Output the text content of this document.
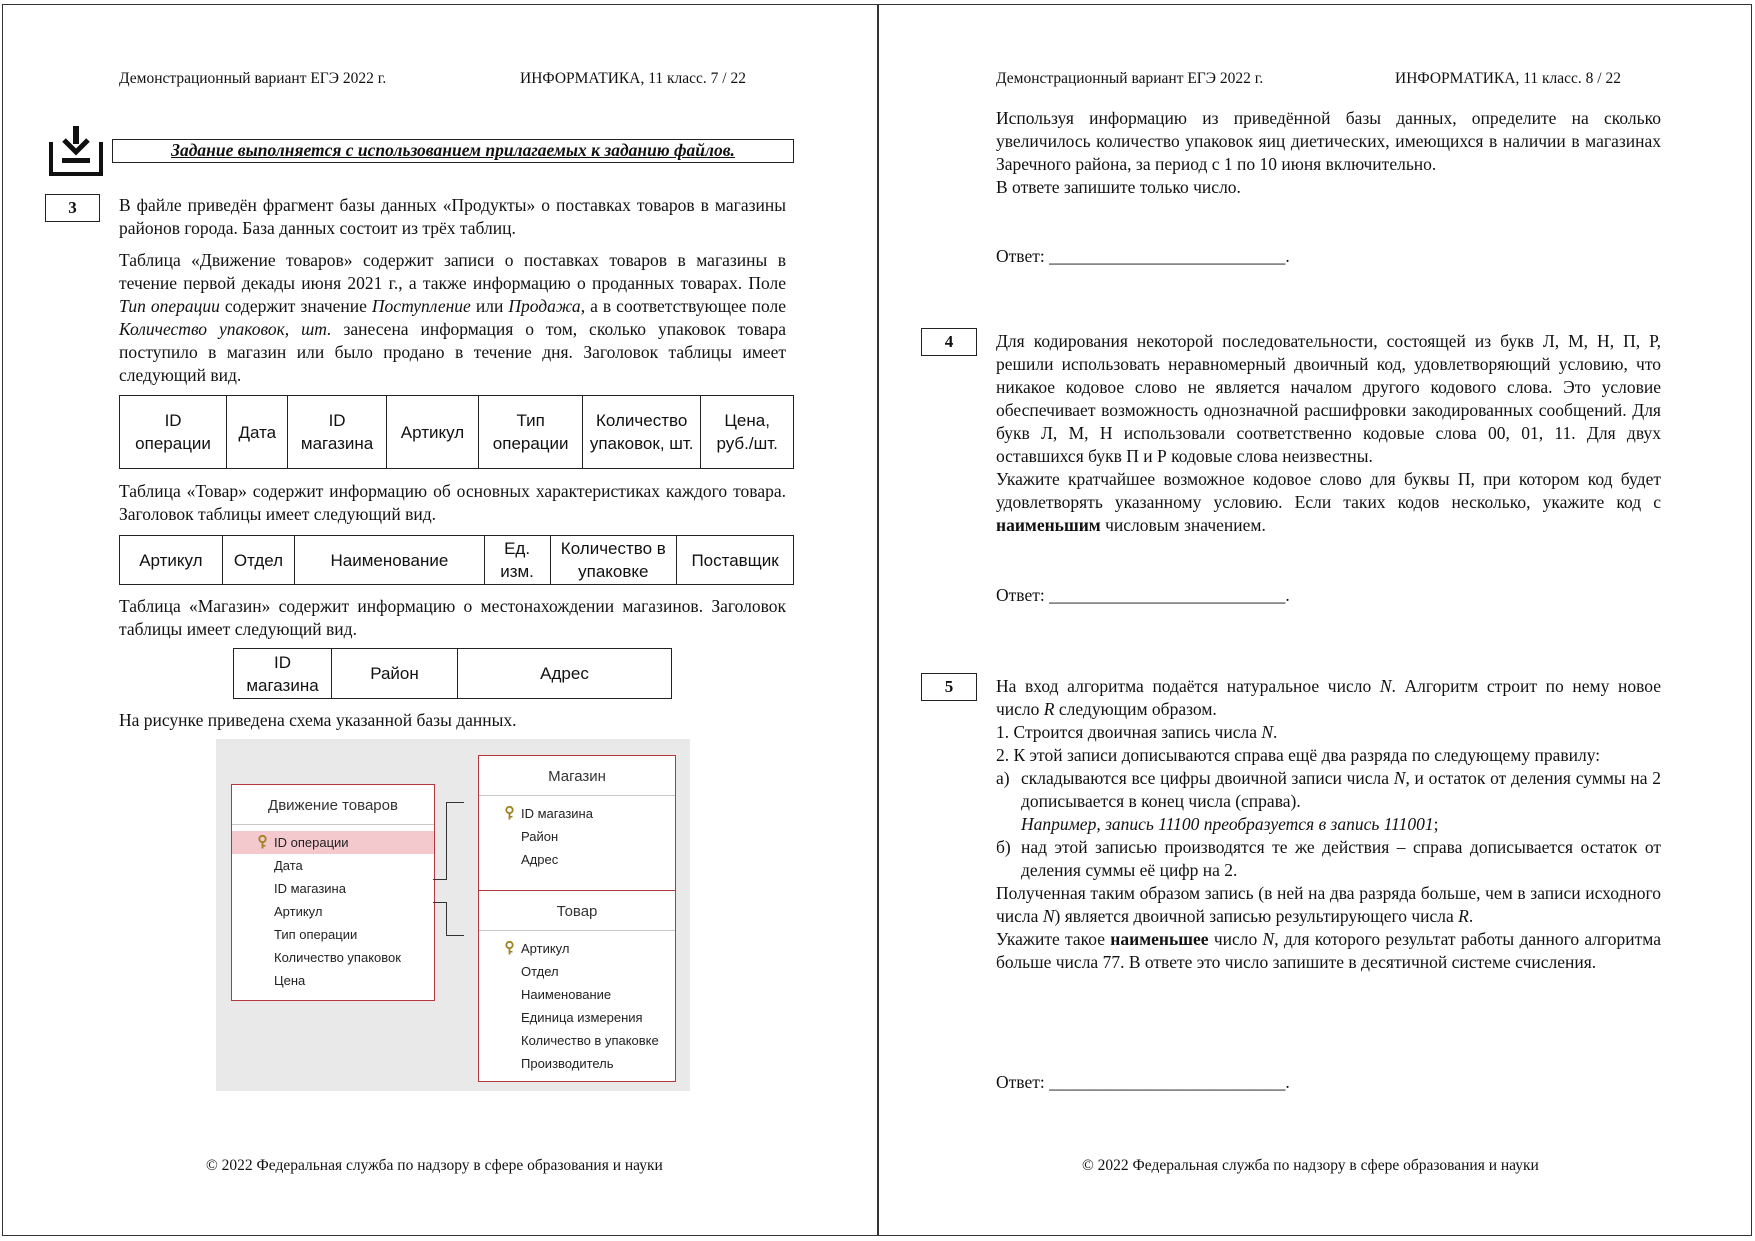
Демонстрационный вариант ЕГЭ 2022 г.	ИНФОРМАТИКА, 11 класс. 7 / 22
Задание выполняется с использованием прилагаемых к заданию файлов.
3	В файле приведён фрагмент базы данных «Продукты» о поставках товаров в магазины районов города. База данных состоит из трёх таблиц.

Таблица «Движение товаров» содержит записи о поставках товаров в магазины в течение первой декады июня 2021 г., а также информацию о проданных товарах. Поле Тип операции содержит значение Поступление или Продажа, а в соответствующее поле Количество упаковок, шт. занесена информация о том, сколько упаковок товара поступило в магазин или было продано в течение дня. Заголовок таблицы имеет следующий вид.

ID операции	Дата	ID магазина	Артикул	Тип операции	Количество упаковок, шт.	Цена, руб./шт.
Таблица «Товар» содержит информацию об основных характеристиках каждого товара. Заголовок таблицы имеет следующий вид.
Артикул	Отдел	Наименование	Ед. изм.	Количество в упаковке	Поставщик
Таблица «Магазин» содержит информацию о местонахождении магазинов. Заголовок таблицы имеет следующий вид.
ID магазина	Район	Адрес
На рисунке приведена схема указанной базы данных.
Движение товаров
ID операции
Дата
ID магазина
Артикул
Тип операции
Количество упаковок
Цена
Магазин
ID магазина
Район
Адрес
Товар
Артикул
Отдел
Наименование
Единица измерения
Количество в упаковке
Производитель
© 2022 Федеральная служба по надзору в сфере образования и науки
Демонстрационный вариант ЕГЭ 2022 г.	ИНФОРМАТИКА, 11 класс. 8 / 22

Используя информацию из приведённой базы данных, определите на сколько увеличилось количество упаковок яиц диетических, имеющихся в наличии в магазинах Заречного района, за период с 1 по 10 июня включительно.

В ответе запишите только число.

Ответ: ___________________________.
4	Для кодирования некоторой последовательности, состоящей из букв Л, М, Н, П, Р, решили использовать неравномерный двоичный код, удовлетворяющий условию, что никакое кодовое слово не является началом другого кодового слова. Это условие обеспечивает возможность однозначной расшифровки закодированных сообщений. Для букв Л, М, Н использовали соответственно кодовые слова 00, 01, 11. Для двух оставшихся букв П и Р кодовые слова неизвестны.

Укажите кратчайшее возможное кодовое слово для буквы П, при котором код будет удовлетворять указанному условию. Если таких кодов несколько, укажите код с наименьшим числовым значением.

Ответ: ___________________________.
5	На вход алгоритма подаётся натуральное число N. Алгоритм строит по нему новое число R следующим образом.

1. Строится двоичная запись числа N.

2. К этой записи дописываются справа ещё два разряда по следующему правилу:

а) складываются все цифры двоичной записи числа N, и остаток от деления суммы на 2 дописывается в конец числа (справа).

Например, запись 11100 преобразуется в запись 111001;

б) над этой записью производятся те же действия – справа дописывается остаток от деления суммы её цифр на 2.

Полученная таким образом запись (в ней на два разряда больше, чем в записи исходного числа N) является двоичной записью результирующего числа R.

Укажите такое наименьшее число N, для которого результат работы данного алгоритма больше числа 77. В ответе это число запишите в десятичной системе счисления.

Ответ: ___________________________.
© 2022 Федеральная служба по надзору в сфере образования и науки
